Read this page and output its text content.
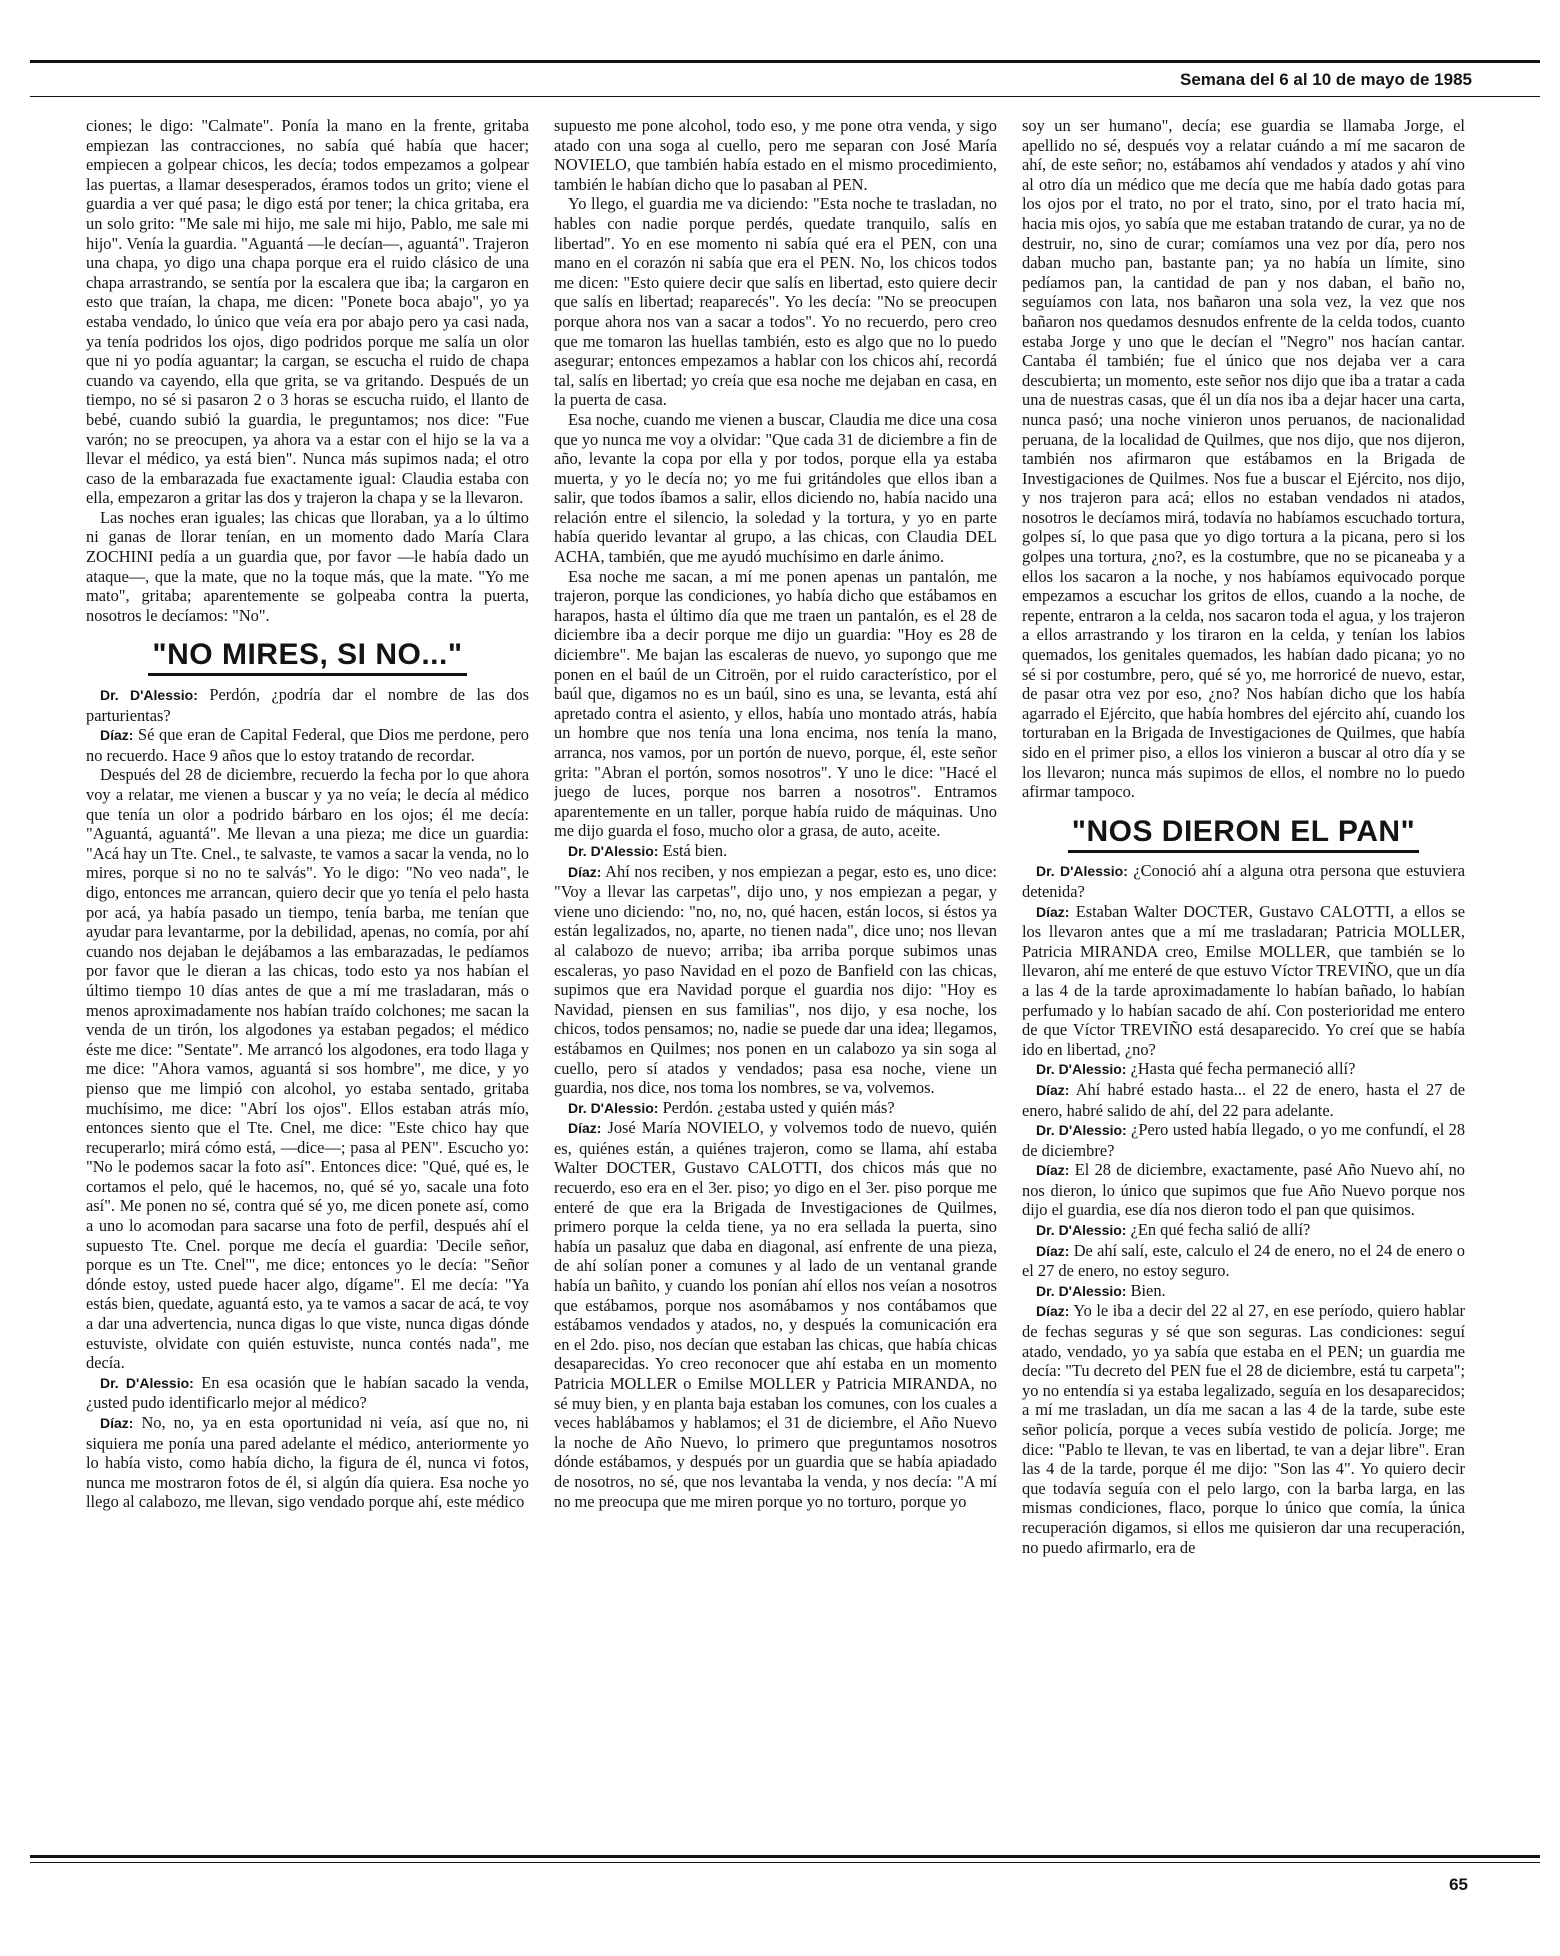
Semana del 6 al 10 de mayo de 1985

ciones; le digo: "Calmate". Ponía la mano en la frente, gritaba empiezan las contracciones, no sabía qué había que hacer; empiecen a golpear chicos, les decía; todos empezamos a golpear las puertas, a llamar desesperados, éramos todos un grito; viene el guardia a ver qué pasa; le digo está por tener; la chica gritaba, era un solo grito: "Me sale mi hijo, me sale mi hijo, Pablo, me sale mi hijo". Venía la guardia. "Aguantá —le decían—, aguantá". Trajeron una chapa, yo digo una chapa porque era el ruido clásico de una chapa arrastrando, se sentía por la escalera que iba; la cargaron en esto que traían, la chapa, me dicen: "Ponete boca abajo", yo ya estaba vendado, lo único que veía era por abajo pero ya casi nada, ya tenía podridos los ojos, digo podridos porque me salía un olor que ni yo podía aguantar; la cargan, se escucha el ruido de chapa cuando va cayendo, ella que grita, se va gritando. Después de un tiempo, no sé si pasaron 2 o 3 horas se escucha ruido, el llanto de bebé, cuando subió la guardia, le preguntamos; nos dice: "Fue varón; no se preocupen, ya ahora va a estar con el hijo se la va a llevar el médico, ya está bien". Nunca más supimos nada; el otro caso de la embarazada fue exactamente igual: Claudia estaba con ella, empezaron a gritar las dos y trajeron la chapa y se la llevaron.

Las noches eran iguales; las chicas que lloraban, ya a lo último ni ganas de llorar tenían, en un momento dado María Clara ZOCHINI pedía a un guardia que, por favor —le había dado un ataque—, que la mate, que no la toque más, que la mate. "Yo me mato", gritaba; aparentemente se golpeaba contra la puerta, nosotros le decíamos: "No".

"NO MIRES, SI NO..."

Dr. D'Alessio: Perdón, ¿podría dar el nombre de las dos parturientas?

Díaz: Sé que eran de Capital Federal, que Dios me perdone, pero no recuerdo. Hace 9 años que lo estoy tratando de recordar.

Después del 28 de diciembre, recuerdo la fecha por lo que ahora voy a relatar, me vienen a buscar y ya no veía; le decía al médico que tenía un olor a podrido bárbaro en los ojos; él me decía: "Aguantá, aguantá". Me llevan a una pieza; me dice un guardia: "Acá hay un Tte. Cnel., te salvaste, te vamos a sacar la venda, no lo mires, porque si no no te salvás". Yo le digo: "No veo nada", le digo, entonces me arrancan, quiero decir que yo tenía el pelo hasta por acá, ya había pasado un tiempo, tenía barba, me tenían que ayudar para levantarme, por la debilidad, apenas, no comía, por ahí cuando nos dejaban le dejábamos a las embarazadas, le pedíamos por favor que le dieran a las chicas, todo esto ya nos habían el último tiempo 10 días antes de que a mí me trasladaran, más o menos aproximadamente nos habían traído colchones; me sacan la venda de un tirón, los algodones ya estaban pegados; el médico éste me dice: "Sentate". Me arrancó los algodones, era todo llaga y me dice: "Ahora vamos, aguantá si sos hombre", me dice, y yo pienso que me limpió con alcohol, yo estaba sentado, gritaba muchísimo, me dice: "Abrí los ojos". Ellos estaban atrás mío, entonces siento que el Tte. Cnel, me dice: "Este chico hay que recuperarlo; mirá cómo está, —dice—; pasa al PEN". Escucho yo: "No le podemos sacar la foto así". Entonces dice: "Qué, qué es, le cortamos el pelo, qué le hacemos, no, qué sé yo, sacale una foto así". Me ponen no sé, contra qué sé yo, me dicen ponete así, como a uno lo acomodan para sacarse una foto de perfil, después ahí el supuesto Tte. Cnel. porque me decía el guardia: 'Decile señor, porque es un Tte. Cnel'", me dice; entonces yo le decía: "Señor dónde estoy, usted puede hacer algo, dígame". El me decía: "Ya estás bien, quedate, aguantá esto, ya te vamos a sacar de acá, te voy a dar una advertencia, nunca digas lo que viste, nunca digas dónde estuviste, olvidate con quién estuviste, nunca contés nada", me decía.

Dr. D'Alessio: En esa ocasión que le habían sacado la venda, ¿usted pudo identificarlo mejor al médico?

Díaz: No, no, ya en esta oportunidad ni veía, así que no, ni siquiera me ponía una pared adelante el médico, anteriormente yo lo había visto, como había dicho, la figura de él, nunca vi fotos, nunca me mostraron fotos de él, si algún día quiera. Esa noche yo llego al calabozo, me llevan, sigo vendado porque ahí, este médico

supuesto me pone alcohol, todo eso, y me pone otra venda, y sigo atado con una soga al cuello, pero me separan con José María NOVIELO, que también había estado en el mismo procedimiento, también le habían dicho que lo pasaban al PEN.

Yo llego, el guardia me va diciendo: "Esta noche te trasladan, no hables con nadie porque perdés, quedate tranquilo, salís en libertad". Yo en ese momento ni sabía qué era el PEN, con una mano en el corazón ni sabía que era el PEN. No, los chicos todos me dicen: "Esto quiere decir que salís en libertad, esto quiere decir que salís en libertad; reaparecés". Yo les decía: "No se preocupen porque ahora nos van a sacar a todos". Yo no recuerdo, pero creo que me tomaron las huellas también, esto es algo que no lo puedo asegurar; entonces empezamos a hablar con los chicos ahí, recordá tal, salís en libertad; yo creía que esa noche me dejaban en casa, en la puerta de casa.

Esa noche, cuando me vienen a buscar, Claudia me dice una cosa que yo nunca me voy a olvidar: "Que cada 31 de diciembre a fin de año, levante la copa por ella y por todos, porque ella ya estaba muerta, y yo le decía no; yo me fui gritándoles que ellos iban a salir, que todos íbamos a salir, ellos diciendo no, había nacido una relación entre el silencio, la soledad y la tortura, y yo en parte había querido levantar al grupo, a las chicas, con Claudia DEL ACHA, también, que me ayudó muchísimo en darle ánimo.

Esa noche me sacan, a mí me ponen apenas un pantalón, me trajeron, porque las condiciones, yo había dicho que estábamos en harapos, hasta el último día que me traen un pantalón, es el 28 de diciembre iba a decir porque me dijo un guardia: "Hoy es 28 de diciembre". Me bajan las escaleras de nuevo, yo supongo que me ponen en el baúl de un Citroën, por el ruido característico, por el baúl que, digamos no es un baúl, sino es una, se levanta, está ahí apretado contra el asiento, y ellos, había uno montado atrás, había un hombre que nos tenía una lona encima, nos tenía la mano, arranca, nos vamos, por un portón de nuevo, porque, él, este señor grita: "Abran el portón, somos nosotros". Y uno le dice: "Hacé el juego de luces, porque nos barren a nosotros". Entramos aparentemente en un taller, porque había ruido de máquinas. Uno me dijo guarda el foso, mucho olor a grasa, de auto, aceite.

Dr. D'Alessio: Está bien.

Díaz: Ahí nos reciben, y nos empiezan a pegar, esto es, uno dice: "Voy a llevar las carpetas", dijo uno, y nos empiezan a pegar, y viene uno diciendo: "no, no, no, qué hacen, están locos, si éstos ya están legalizados, no, aparte, no tienen nada", dice uno; nos llevan al calabozo de nuevo; arriba; iba arriba porque subimos unas escaleras, yo paso Navidad en el pozo de Banfield con las chicas, supimos que era Navidad porque el guardia nos dijo: "Hoy es Navidad, piensen en sus familias", nos dijo, y esa noche, los chicos, todos pensamos; no, nadie se puede dar una idea; llegamos, estábamos en Quilmes; nos ponen en un calabozo ya sin soga al cuello, pero sí atados y vendados; pasa esa noche, viene un guardia, nos dice, nos toma los nombres, se va, volvemos.

Dr. D'Alessio: Perdón. ¿estaba usted y quién más?

Díaz: José María NOVIELO, y volvemos todo de nuevo, quién es, quiénes están, a quiénes trajeron, como se llama, ahí estaba Walter DOCTER, Gustavo CALOTTI, dos chicos más que no recuerdo, eso era en el 3er. piso; yo digo en el 3er. piso porque me enteré de que era la Brigada de Investigaciones de Quilmes, primero porque la celda tiene, ya no era sellada la puerta, sino había un pasaluz que daba en diagonal, así enfrente de una pieza, de ahí solían poner a comunes y al lado de un ventanal grande había un bañito, y cuando los ponían ahí ellos nos veían a nosotros que estábamos, porque nos asomábamos y nos contábamos que estábamos vendados y atados, no, y después la comunicación era en el 2do. piso, nos decían que estaban las chicas, que había chicas desaparecidas. Yo creo reconocer que ahí estaba en un momento Patricia MOLLER o Emilse MOLLER y Patricia MIRANDA, no sé muy bien, y en planta baja estaban los comunes, con los cuales a veces hablábamos y hablamos; el 31 de diciembre, el Año Nuevo la noche de Año Nuevo, lo primero que preguntamos nosotros dónde estábamos, y después por un guardia que se había apiadado de nosotros, no sé, que nos levantaba la venda, y nos decía: "A mí no me preocupa que me miren porque yo no torturo, porque yo

soy un ser humano", decía; ese guardia se llamaba Jorge, el apellido no sé, después voy a relatar cuándo a mí me sacaron de ahí, de este señor; no, estábamos ahí vendados y atados y ahí vino al otro día un médico que me decía que me había dado gotas para los ojos por el trato, no por el trato, sino, por el trato hacia mí, hacia mis ojos, yo sabía que me estaban tratando de curar, ya no de destruir, no, sino de curar; comíamos una vez por día, pero nos daban mucho pan, bastante pan; ya no había un límite, sino pedíamos pan, la cantidad de pan y nos daban, el baño no, seguíamos con lata, nos bañaron una sola vez, la vez que nos bañaron nos quedamos desnudos enfrente de la celda todos, cuanto estaba Jorge y uno que le decían el "Negro" nos hacían cantar. Cantaba él también; fue el único que nos dejaba ver a cara descubierta; un momento, este señor nos dijo que iba a tratar a cada una de nuestras casas, que él un día nos iba a dejar hacer una carta, nunca pasó; una noche vinieron unos peruanos, de nacionalidad peruana, de la localidad de Quilmes, que nos dijo, que nos dijeron, también nos afirmaron que estábamos en la Brigada de Investigaciones de Quilmes. Nos fue a buscar el Ejército, nos dijo, y nos trajeron para acá; ellos no estaban vendados ni atados, nosotros le decíamos mirá, todavía no habíamos escuchado tortura, golpes sí, lo que pasa que yo digo tortura a la picana, pero si los golpes una tortura, ¿no?, es la costumbre, que no se picaneaba y a ellos los sacaron a la noche, y nos habíamos equivocado porque empezamos a escuchar los gritos de ellos, cuando a la noche, de repente, entraron a la celda, nos sacaron toda el agua, y los trajeron a ellos arrastrando y los tiraron en la celda, y tenían los labios quemados, los genitales quemados, les habían dado picana; yo no sé si por costumbre, pero, qué sé yo, me horroricé de nuevo, estar, de pasar otra vez por eso, ¿no? Nos habían dicho que los había agarrado el Ejército, que había hombres del ejército ahí, cuando los torturaban en la Brigada de Investigaciones de Quilmes, que había sido en el primer piso, a ellos los vinieron a buscar al otro día y se los llevaron; nunca más supimos de ellos, el nombre no lo puedo afirmar tampoco.

"NOS DIERON EL PAN"

Dr. D'Alessio: ¿Conoció ahí a alguna otra persona que estuviera detenida?

Díaz: Estaban Walter DOCTER, Gustavo CALOTTI, a ellos se los llevaron antes que a mí me trasladaran; Patricia MOLLER, Patricia MIRANDA creo, Emilse MOLLER, que también se lo llevaron, ahí me enteré de que estuvo Víctor TREVIÑO, que un día a las 4 de la tarde aproximadamente lo habían bañado, lo habían perfumado y lo habían sacado de ahí. Con posterioridad me entero de que Víctor TREVIÑO está desaparecido. Yo creí que se había ido en libertad, ¿no?

Dr. D'Alessio: ¿Hasta qué fecha permaneció allí?

Díaz: Ahí habré estado hasta... el 22 de enero, hasta el 27 de enero, habré salido de ahí, del 22 para adelante.

Dr. D'Alessio: ¿Pero usted había llegado, o yo me confundí, el 28 de diciembre?

Díaz: El 28 de diciembre, exactamente, pasé Año Nuevo ahí, no nos dieron, lo único que supimos que fue Año Nuevo porque nos dijo el guardia, ese día nos dieron todo el pan que quisimos.

Dr. D'Alessio: ¿En qué fecha salió de allí?

Díaz: De ahí salí, este, calculo el 24 de enero, no el 24 de enero o el 27 de enero, no estoy seguro.

Dr. D'Alessio: Bien.

Díaz: Yo le iba a decir del 22 al 27, en ese período, quiero hablar de fechas seguras y sé que son seguras. Las condiciones: seguí atado, vendado, yo ya sabía que estaba en el PEN; un guardia me decía: "Tu decreto del PEN fue el 28 de diciembre, está tu carpeta"; yo no entendía si ya estaba legalizado, seguía en los desaparecidos; a mí me trasladan, un día me sacan a las 4 de la tarde, sube este señor policía, porque a veces subía vestido de policía. Jorge; me dice: "Pablo te llevan, te vas en libertad, te van a dejar libre". Eran las 4 de la tarde, porque él me dijo: "Son las 4". Yo quiero decir que todavía seguía con el pelo largo, con la barba larga, en las mismas condiciones, flaco, porque lo único que comía, la única recuperación digamos, si ellos me quisieron dar una recuperación, no puedo afirmarlo, era de

65
